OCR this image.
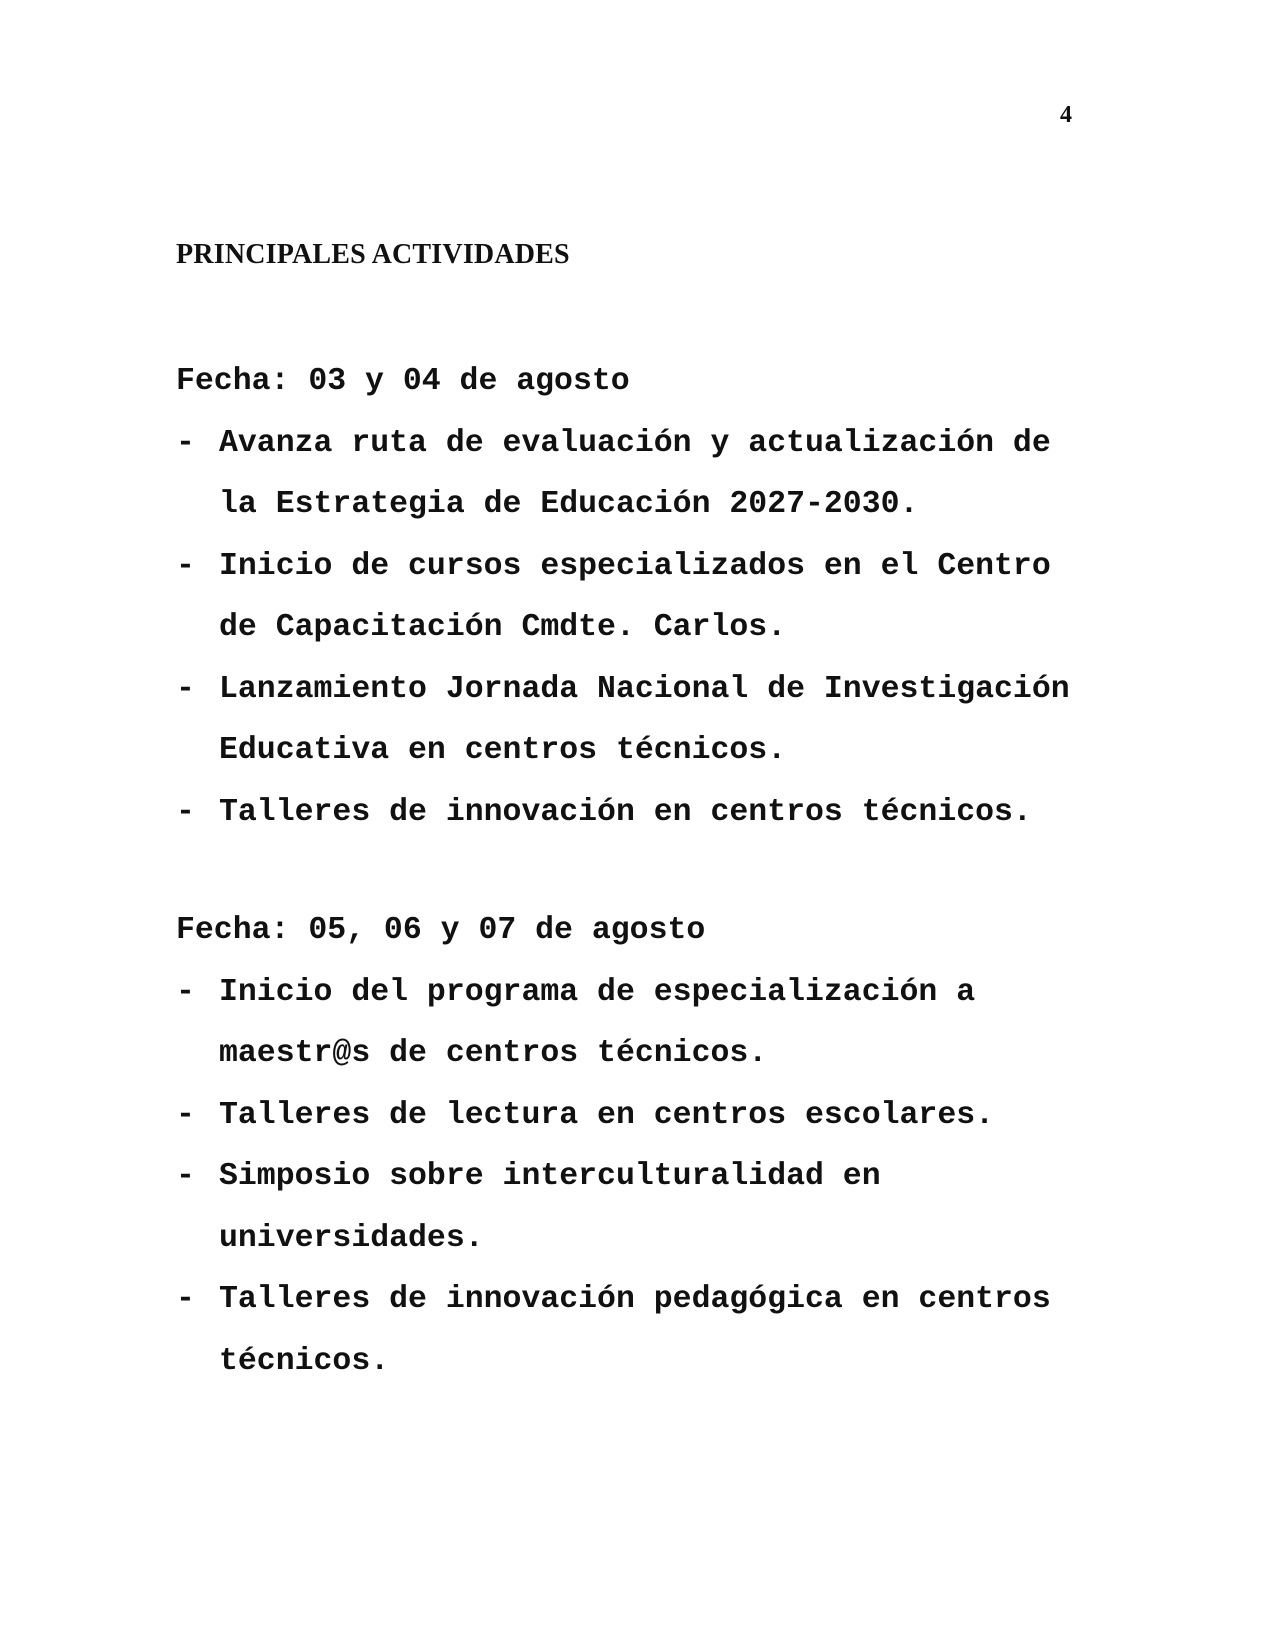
4
PRINCIPALES ACTIVIDADES
Fecha: 03 y 04 de agosto
- Avanza ruta de evaluación y actualización de la Estrategia de Educación 2027-2030.
- Inicio de cursos especializados en el Centro de Capacitación Cmdte. Carlos.
- Lanzamiento Jornada Nacional de Investigación Educativa en centros técnicos.
- Talleres de innovación en centros técnicos.
Fecha: 05, 06 y 07 de agosto
- Inicio del programa de especialización a maestr@s de centros técnicos.
- Talleres de lectura en centros escolares.
- Simposio sobre interculturalidad en universidades.
- Talleres de innovación pedagógica en centros técnicos.
